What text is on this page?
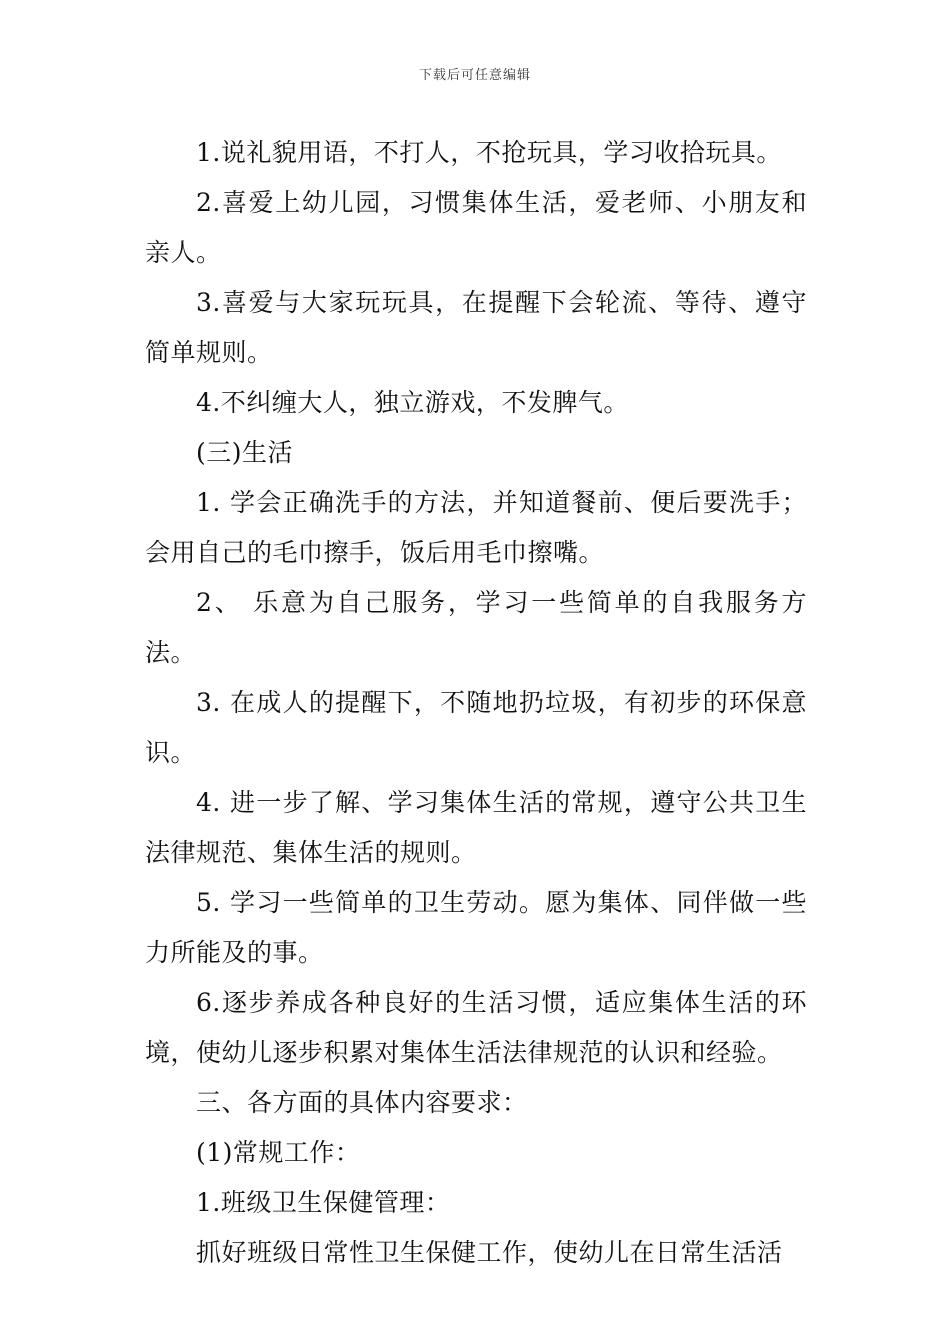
下载后可任意编辑

1.说礼貌用语，不打人，不抢玩具，学习收拾玩具。

2.喜爱上幼儿园，习惯集体生活，爱老师、小朋友和亲人。

3.喜爱与大家玩玩具，在提醒下会轮流、等待、遵守简单规则。

4.不纠缠大人，独立游戏，不发脾气。

(三)生活

1. 学会正确洗手的方法，并知道餐前、便后要洗手；会用自己的毛巾擦手，饭后用毛巾擦嘴。

2、 乐意为自己服务，学习一些简单的自我服务方法。

3. 在成人的提醒下，不随地扔垃圾，有初步的环保意识。

4. 进一步了解、学习集体生活的常规，遵守公共卫生法律规范、集体生活的规则。

5. 学习一些简单的卫生劳动。愿为集体、同伴做一些力所能及的事。

6.逐步养成各种良好的生活习惯，适应集体生活的环境，使幼儿逐步积累对集体生活法律规范的认识和经验。

三、各方面的具体内容要求：

(1)常规工作：

1.班级卫生保健管理：

抓好班级日常性卫生保健工作，使幼儿在日常生活活
